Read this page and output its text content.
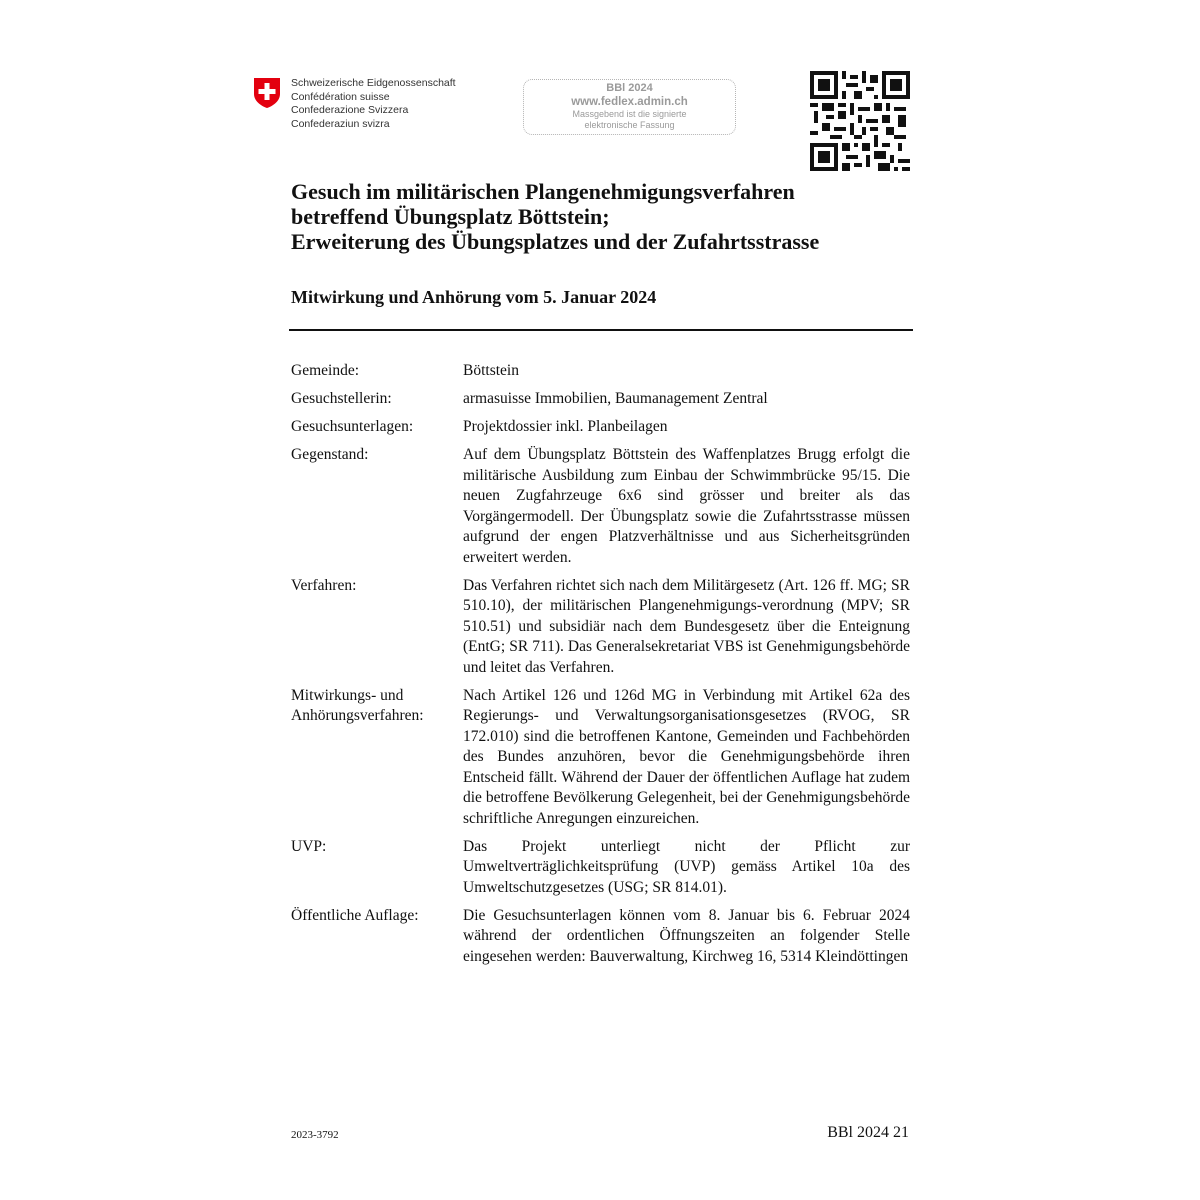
Schweizerische Eidgenossenschaft
Confédération suisse
Confederazione Svizzera
Confederaziun svizra
BBl 2024
www.fedlex.admin.ch
Massgebend ist die signierte
elektronische Fassung
Gesuch im militärischen Plangenehmigungsverfahren
betreffend Übungsplatz Böttstein;
Erweiterung des Übungsplatzes und der Zufahrtsstrasse
Mitwirkung und Anhörung vom 5. Januar 2024
Gemeinde:	Böttstein
Gesuchstellerin:	armasuisse Immobilien, Baumanagement Zentral
Gesuchsunterlagen:	Projektdossier inkl. Planbeilagen
Gegenstand:	Auf dem Übungsplatz Böttstein des Waffenplatzes Brugg erfolgt die militärische Ausbildung zum Einbau der Schwimmbrücke 95/15. Die neuen Zugfahrzeuge 6x6 sind grösser und breiter als das Vorgängermodell. Der Übungsplatz sowie die Zufahrtsstrasse müssen aufgrund der engen Platzverhältnisse und aus Sicherheitsgründen erweitert werden.
Verfahren:	Das Verfahren richtet sich nach dem Militärgesetz (Art. 126 ff. MG; SR 510.10), der militärischen Plangenehmigungs-verordnung (MPV; SR 510.51) und subsidiär nach dem Bundesgesetz über die Enteignung (EntG; SR 711). Das Generalsekretariat VBS ist Genehmigungsbehörde und leitet das Verfahren.
Mitwirkungs- und Anhörungsverfahren:
Nach Artikel 126 und 126d MG in Verbindung mit Artikel 62a des Regierungs- und Verwaltungsorganisationsgesetzes (RVOG, SR 172.010) sind die betroffenen Kantone, Gemeinden und Fachbehörden des Bundes anzuhören, bevor die Genehmigungsbehörde ihren Entscheid fällt. Während der Dauer der öffentlichen Auflage hat zudem die betroffene Bevölkerung Gelegenheit, bei der Genehmigungsbehörde schriftliche Anregungen einzureichen.
UVP:	Das Projekt unterliegt nicht der Pflicht zur Umweltverträglichkeitsprüfung (UVP) gemäss Artikel 10a des Umweltschutzgesetzes (USG; SR 814.01).
Öffentliche Auflage:	Die Gesuchsunterlagen können vom 8. Januar bis 6. Februar 2024 während der ordentlichen Öffnungszeiten an folgender Stelle eingesehen werden: Bauverwaltung, Kirchweg 16, 5314 Kleindöttingen
2023-3792	BBl 2024 21
